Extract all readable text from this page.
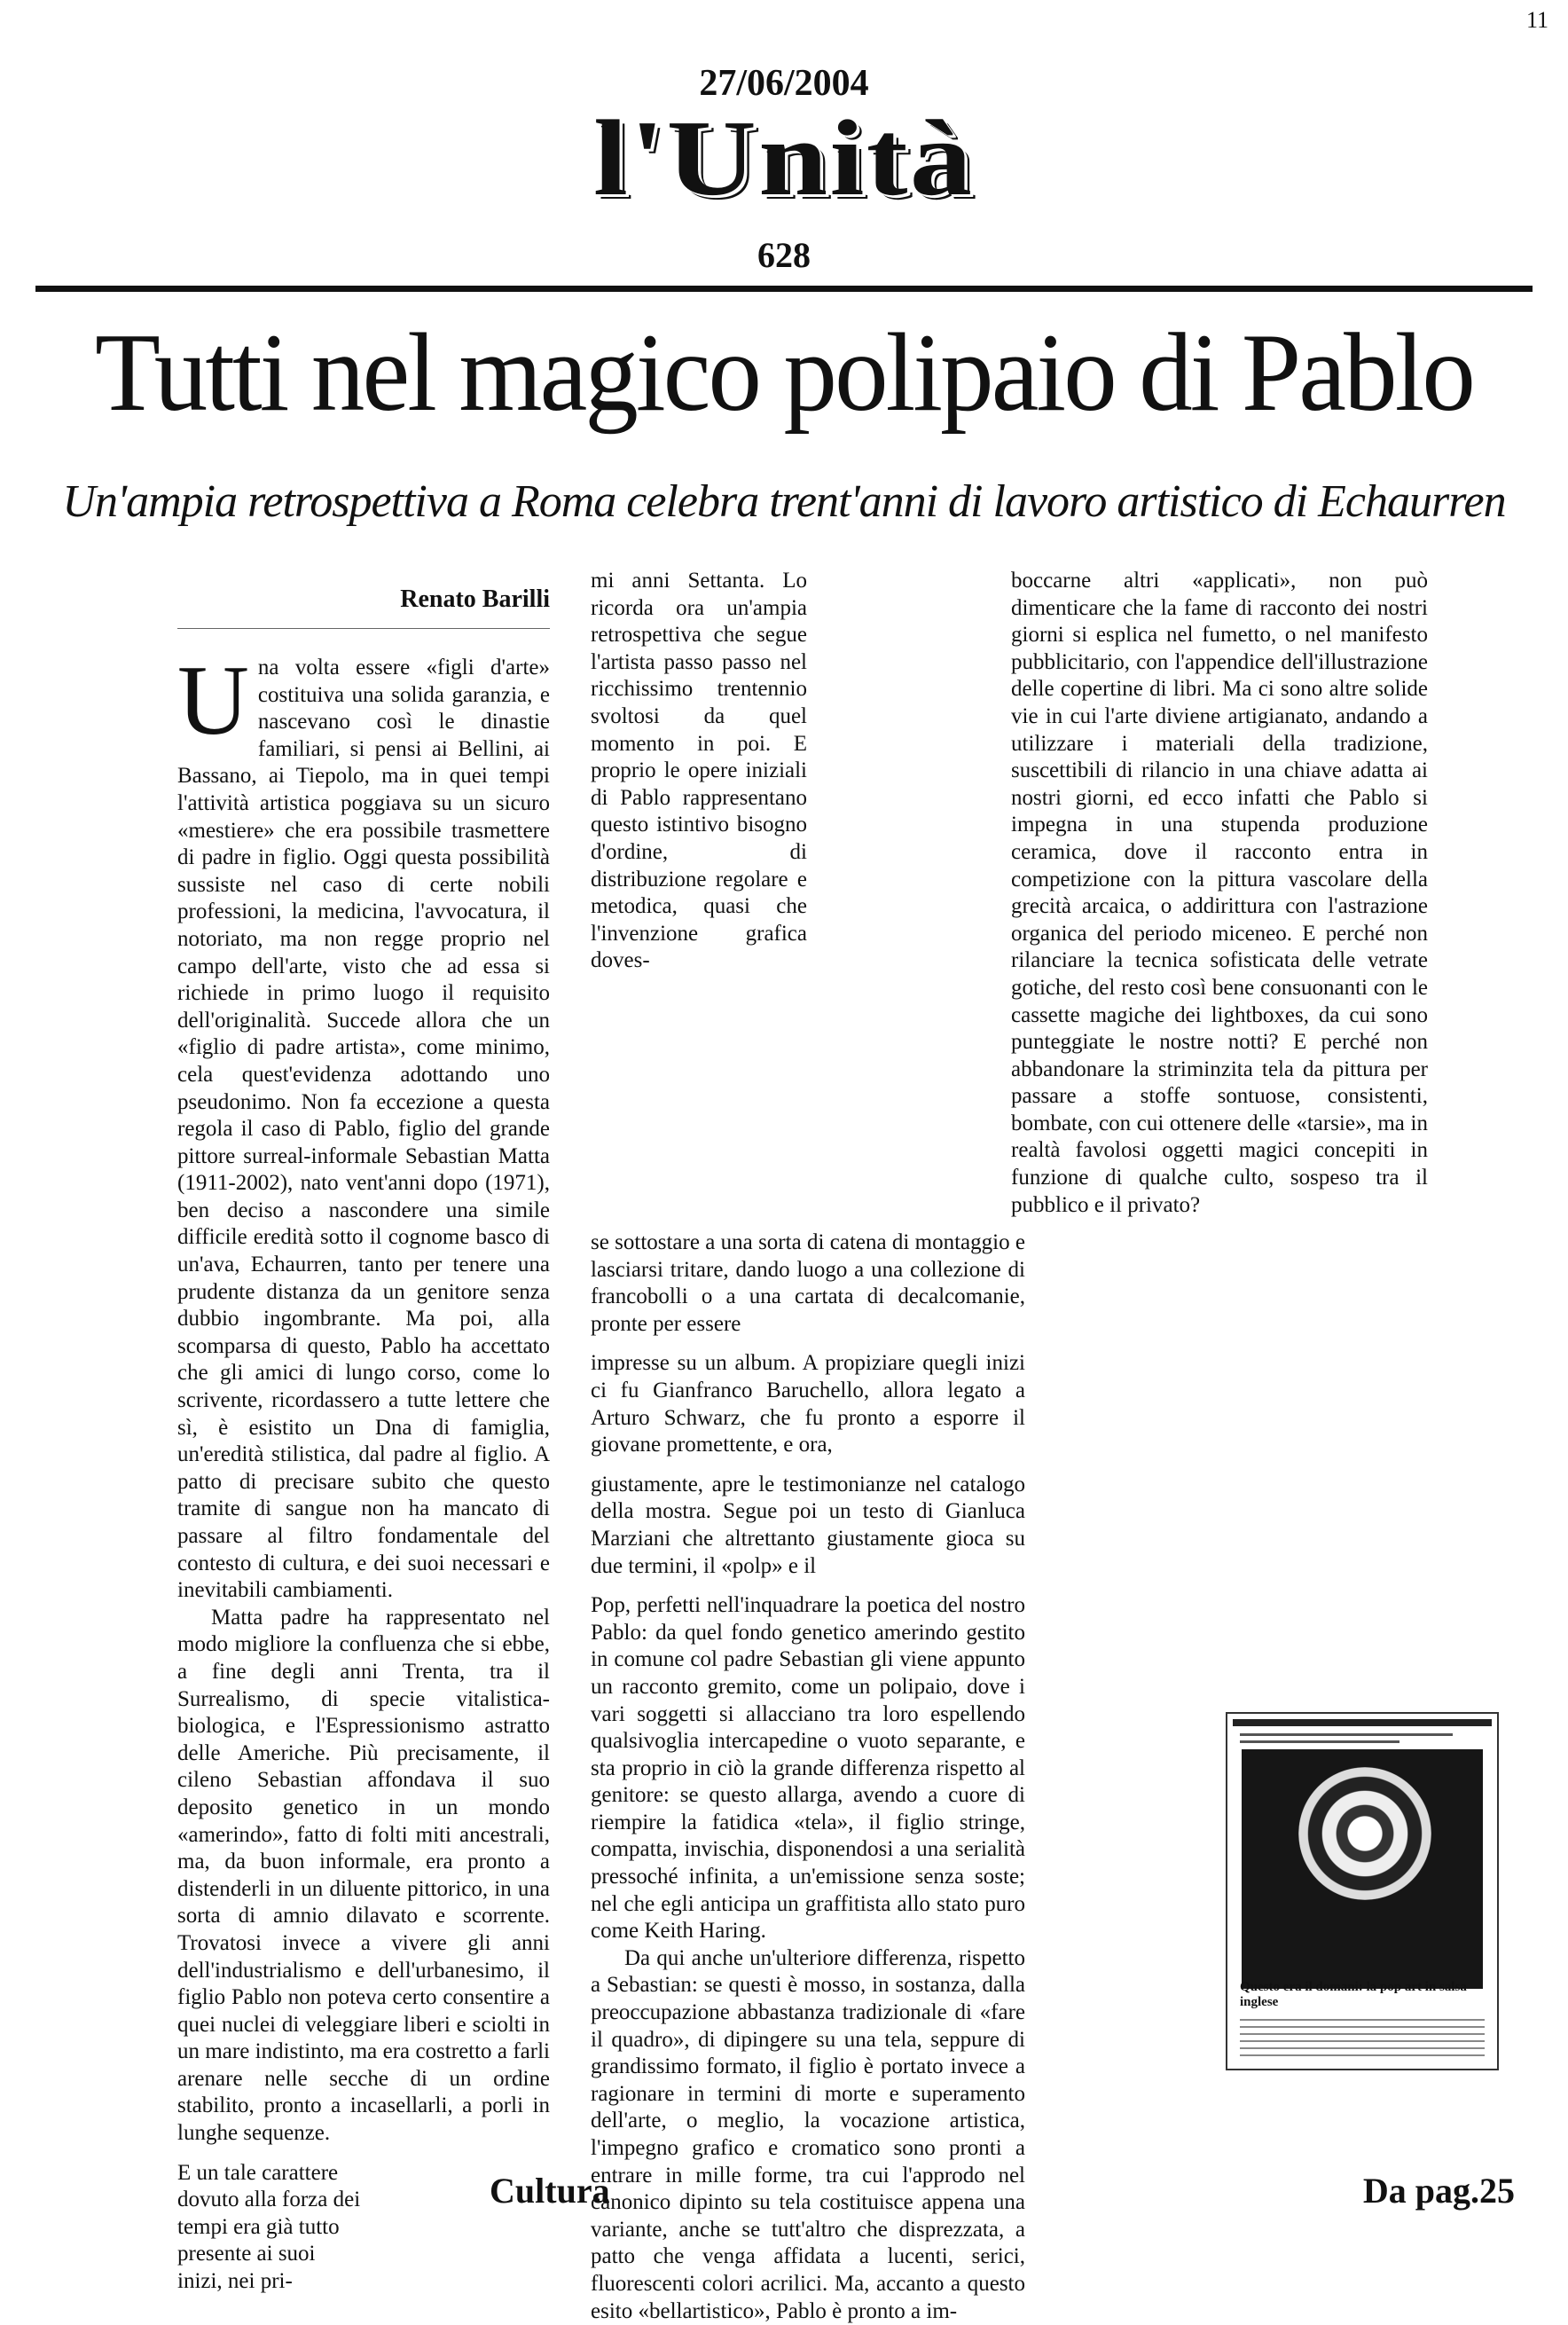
11
27/06/2004
l'Unità
628
Tutti nel magico polipaio di Pablo
Un'ampia retrospettiva a Roma celebra trent'anni di lavoro artistico di Echaurren
Renato Barilli

Una volta essere «figli d'arte» costituiva una solida garanzia, e nascevano così le dinastie familiari, si pensi ai Bellini, ai Bassano, ai Tiepolo, ma in quei tempi l'attività artistica poggiava su un sicuro «mestiere» che era possibile trasmettere di padre in figlio. Oggi questa possibilità sussiste nel caso di certe nobili professioni, la medicina, l'avvocatura, il notoriato, ma non regge proprio nel campo dell'arte, visto che ad essa si richiede in primo luogo il requisito dell'originalità. Succede allora che un «figlio di padre artista», come minimo, cela quest'evidenza adottando uno pseudonimo. Non fa eccezione a questa regola il caso di Pablo, figlio del grande pittore surreal-informale Sebastian Matta (1911-2002), nato vent'anni dopo (1971), ben deciso a nascondere una simile difficile eredità sotto il cognome basco di un'ava, Echaurren, tanto per tenere una prudente distanza da un genitore senza dubbio ingombrante. Ma poi, alla scomparsa di questo, Pablo ha accettato che gli amici di lungo corso, come lo scrivente, ricordassero a tutte lettere che sì, è esistito un Dna di famiglia, un'eredità stilistica, dal padre al figlio. A patto di precisare subito che questo tramite di sangue non ha mancato di passare al filtro fondamentale del contesto di cultura, e dei suoi necessari e inevitabili cambiamenti.

Matta padre ha rappresentato nel modo migliore la confluenza che si ebbe, a fine degli anni Trenta, tra il Surrealismo, di specie vitalistica-biologica, e l'Espressionismo astratto delle Americhe. Più precisamente, il cileno Sebastian affondava il suo deposito genetico in un mondo «amerindo», fatto di folti miti ancestrali, ma, da buon informale, era pronto a distenderli in un diluente pittorico, in una sorta di amnio dilavato e scorrente. Trovatosi invece a vivere gli anni dell'industrialismo e dell'urbanesimo, il figlio Pablo non poteva certo consentire a quei nuclei di veleggiare liberi e sciolti in un mare indistinto, ma era costretto a farli arenare nelle secche di un ordine stabilito, pronto a incasellarli, a porli in lunghe sequenze.

E un tale carattere dovuto alla forza dei tempi era già tutto presente ai suoi inizi, nei pri-

mi anni Settanta. Lo ricorda ora un'ampia retrospettiva che segue l'artista passo passo nel ricchissimo trentennio svoltosi da quel momento in poi. E proprio le opere iniziali di Pablo rappresentano questo istintivo bisogno d'ordine, di distribuzione regolare e metodica, quasi che l'invenzione grafica doves-

se sottostare a una sorta di catena di montaggio e lasciarsi tritare, dando luogo a una collezione di francobolli o a una cartata di decalcomanie, pronte per essere

impresse su un album. A propiziare quegli inizi ci fu Gianfranco Baruchello, allora legato a Arturo Schwarz, che fu pronto a esporre il giovane promettente, e ora,

giustamente, apre le testimonianze nel catalogo della mostra. Segue poi un testo di Gianluca Marziani che altrettanto giustamente gioca su due termini, il «polp» e il

Pop, perfetti nell'inquadrare la poetica del nostro Pablo: da quel fondo genetico amerindo gestito in comune col padre Sebastian gli viene appunto un racconto gremito, come un polipaio, dove i vari soggetti si allacciano tra loro espellendo qualsivoglia intercapedine o vuoto separante, e sta proprio in ciò la grande differenza rispetto al genitore: se questo allarga, avendo a cuore di riempire la fatidica «tela», il figlio stringe, compatta, invischia, disponendosi a una serialità pressoché infinita, a un'emissione senza soste; nel che egli anticipa un graffitista allo stato puro come Keith Haring.

Da qui anche un'ulteriore differenza, rispetto a Sebastian: se questi è mosso, in sostanza, dalla preoccupazione abbastanza tradizionale di «fare il quadro», di dipingere su una tela, seppure di grandissimo formato, il figlio è portato invece a ragionare in termini di morte e superamento dell'arte, o meglio, la vocazione artistica, l'impegno grafico e cromatico sono pronti a entrare in mille forme, tra cui l'approdo nel canonico dipinto su tela costituisce appena una variante, anche se tutt'altro che disprezzata, a patto che venga affidata a lucenti, serici, fluorescenti colori acrilici. Ma, accanto a questo esito «bellartistico», Pablo è pronto a im-

boccarne altri «applicati», non può dimenticare che la fame di racconto dei nostri giorni si esplica nel fumetto, o nel manifesto pubblicitario, con l'appendice dell'illustrazione delle copertine di libri. Ma ci sono altre solide vie in cui l'arte diviene artigianato, andando a utilizzare i materiali della tradizione, suscettibili di rilancio in una chiave adatta ai nostri giorni, ed ecco infatti che Pablo si impegna in una stupenda produzione ceramica, dove il racconto entra in competizione con la pittura vascolare della grecità arcaica, o addirittura con l'astrazione organica del periodo miceneo. E perché non rilanciare la tecnica sofisticata delle vetrate gotiche, del resto così bene consuonanti con le cassette magiche dei lightboxes, da cui sono punteggiate le nostre notti? E perché non abbandonare la striminzita tela da pittura per passare a stoffe sontuose, consistenti, bombate, con cui ottenere delle «tarsie», ma in realtà favolosi oggetti magici concepiti in funzione di qualche culto, sospeso tra il pubblico e il privato?

Questo era il domani: la pop art in salsa inglese
Cultura	Da pag.25
